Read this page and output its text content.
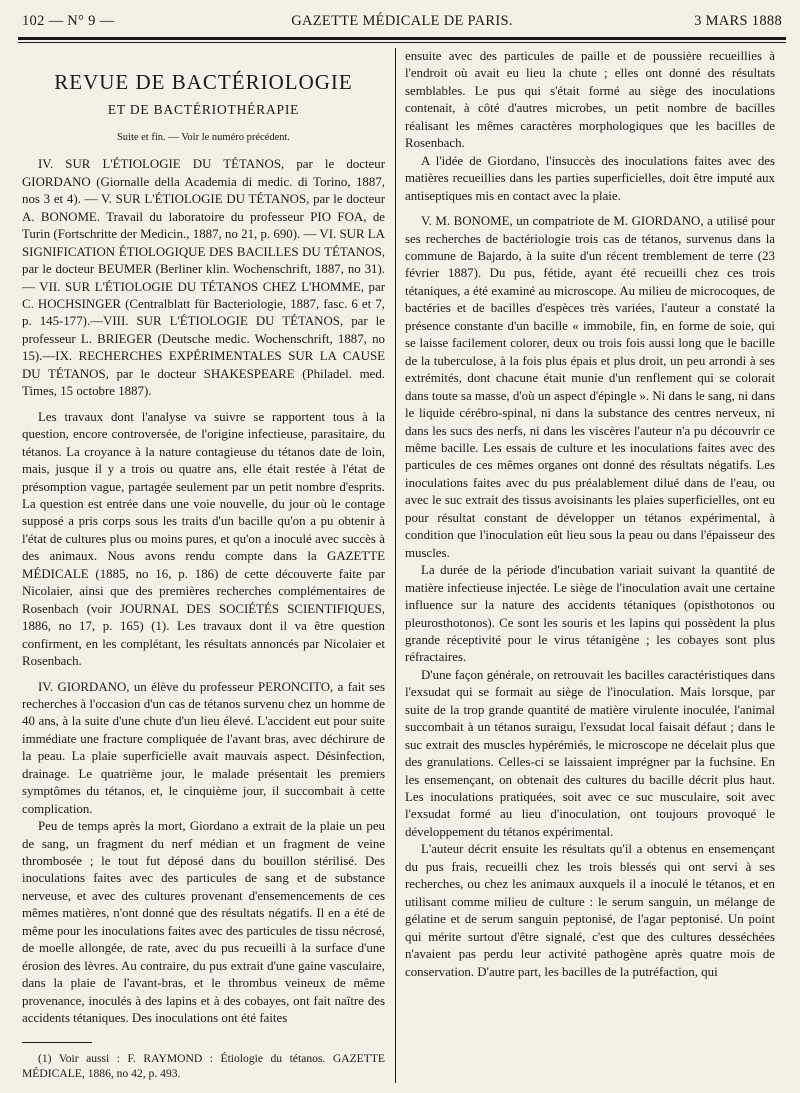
102 — N° 9 —	GAZETTE MÉDICALE DE PARIS.	3 MARS 1888
REVUE DE BACTÉRIOLOGIE
ET DE BACTÉRIOTHÉRAPIE
Suite et fin. — Voir le numéro précédent.

IV. SUR L'ÉTIOLOGIE DU TÉTANOS, par le docteur GIORDANO (Giornalle della Academia di medic. di Torino, 1887, nos 3 et 4). — V. SUR L'ÉTIOLOGIE DU TÉTANOS, par le docteur A. BONOME. Travail du laboratoire du professeur PIO FOA, de Turin (Fortschritte der Medicin., 1887, no 21, p. 690). — VI. SUR LA SIGNIFICATION ÉTIOLOGIQUE DES BACILLES DU TÉTANOS, par le docteur BEUMER (Berliner klin. Wochenschrift, 1887, no 31). — VII. SUR L'ÉTIOLOGIE DU TÉTANOS CHEZ L'HOMME, par C. HOCHSINGER (Centralblatt für Bacteriologie, 1887, fasc. 6 et 7, p. 145-177).—VIII. SUR L'ÉTIOLOGIE DU TÉTANOS, par le professeur L. BRIEGER (Deutsche medic. Wochenschrift, 1887, no 15).—IX. RECHERCHES EXPÉRIMENTALES SUR LA CAUSE DU TÉTANOS, par le docteur SHAKESPEARE (Philadel. med. Times, 15 octobre 1887).

Les travaux dont l'analyse va suivre se rapportent tous à la question, encore controversée, de l'origine infectieuse, parasitaire, du tétanos. La croyance à la nature contagieuse du tétanos date de loin, mais, jusque il y a trois ou quatre ans, elle était restée à l'état de présomption vague, partagée seulement par un petit nombre d'esprits. La question est entrée dans une voie nouvelle, du jour où le contage supposé a pris corps sous les traits d'un bacille qu'on a pu obtenir à l'état de cultures plus ou moins pures, et qu'on a inoculé avec succès à des animaux. Nous avons rendu compte dans la GAZETTE MÉDICALE (1885, no 16, p. 186) de cette découverte faite par Nicolaier, ainsi que des premières recherches complémentaires de Rosenbach (voir JOURNAL DES SOCIÉTÉS SCIENTIFIQUES, 1886, no 17, p. 165) (1). Les travaux dont il va être question confirment, en les complétant, les résultats annoncés par Nicolaier et Rosenbach.

IV. GIORDANO, un élève du professeur PERONCITO, a fait ses recherches à l'occasion d'un cas de tétanos survenu chez un homme de 40 ans, à la suite d'une chute d'un lieu élevé. L'accident eut pour suite immédiate une fracture compliquée de l'avant bras, avec déchirure de la peau. La plaie superficielle avait mauvais aspect. Désinfection, drainage. Le quatrième jour, le malade présentait les premiers symptômes du tétanos, et, le cinquième jour, il succombait à cette complication.

Peu de temps après la mort, Giordano a extrait de la plaie un peu de sang, un fragment du nerf médian et un fragment de veine thrombosée ; le tout fut déposé dans du bouillon stérilisé. Des inoculations faites avec des particules de sang et de substance nerveuse, et avec des cultures provenant d'ensemencements de ces mêmes matières, n'ont donné que des résultats négatifs. Il en a été de même pour les inoculations faites avec des particules de tissu nécrosé, de moelle allongée, de rate, avec du pus recueilli à la surface d'une érosion des lèvres. Au contraire, du pus extrait d'une gaine vasculaire, dans la plaie de l'avant-bras, et le thrombus veineux de même provenance, inoculés à des lapins et à des cobayes, ont fait naître des accidents tétaniques. Des inoculations ont été faites

(1) Voir aussi : F. RAYMOND : Étiologie du tétanos. GAZETTE MÉDICALE, 1886, no 42, p. 493.

ensuite avec des particules de paille et de poussière recueillies à l'endroit où avait eu lieu la chute ; elles ont donné des résultats semblables. Le pus qui s'était formé au siège des inoculations contenait, à côté d'autres microbes, un petit nombre de bacilles réalisant les mêmes caractères morphologiques que les bacilles de Rosenbach.

A l'idée de Giordano, l'insuccès des inoculations faites avec des matières recueillies dans les parties superficielles, doit être imputé aux antiseptiques mis en contact avec la plaie.

V. M. BONOME, un compatriote de M. GIORDANO, a utilisé pour ses recherches de bactériologie trois cas de tétanos, survenus dans la commune de Bajardo, à la suite d'un récent tremblement de terre (23 février 1887). Du pus, fétide, ayant été recueilli chez ces trois tétaniques, a été examiné au microscope. Au milieu de microcoques, de bactéries et de bacilles d'espèces très variées, l'auteur a constaté la présence constante d'un bacille « immobile, fin, en forme de soie, qui se laisse facilement colorer, deux ou trois fois aussi long que le bacille de la tuberculose, à la fois plus épais et plus droit, un peu arrondi à ses extrémités, dont chacune était munie d'un renflement qui se colorait dans toute sa masse, d'où un aspect d'épingle ». Ni dans le sang, ni dans le liquide cérébro-spinal, ni dans la substance des centres nerveux, ni dans les sucs des nerfs, ni dans les viscères l'auteur n'a pu découvrir ce même bacille. Les essais de culture et les inoculations faites avec des particules de ces mêmes organes ont donné des résultats négatifs. Les inoculations faites avec du pus préalablement dilué dans de l'eau, ou avec le suc extrait des tissus avoisinants les plaies superficielles, ont eu pour résultat constant de développer un tétanos expérimental, à condition que l'inoculation eût lieu sous la peau ou dans l'épaisseur des muscles.

La durée de la période d'incubation variait suivant la quantité de matière infectieuse injectée. Le siège de l'inoculation avait une certaine influence sur la nature des accidents tétaniques (opisthotonos ou pleurosthotonos). Ce sont les souris et les lapins qui possèdent la plus grande réceptivité pour le virus tétanigène ; les cobayes sont plus réfractaires.

D'une façon générale, on retrouvait les bacilles caractéristiques dans l'exsudat qui se formait au siège de l'inoculation. Mais lorsque, par suite de la trop grande quantité de matière virulente inoculée, l'animal succombait à un tétanos suraigu, l'exsudat local faisait défaut ; dans le suc extrait des muscles hypérémiés, le microscope ne décelait plus que des granulations. Celles-ci se laissaient imprégner par la fuchsine. En les ensemençant, on obtenait des cultures du bacille décrit plus haut. Les inoculations pratiquées, soit avec ce suc musculaire, soit avec l'exsudat formé au lieu d'inoculation, ont toujours provoqué le développement du tétanos expérimental.

L'auteur décrit ensuite les résultats qu'il a obtenus en ensemençant du pus frais, recueilli chez les trois blessés qui ont servi à ses recherches, ou chez les animaux auxquels il a inoculé le tétanos, et en utilisant comme milieu de culture : le serum sanguin, un mélange de gélatine et de serum sanguin peptonisé, de l'agar peptonisé. Un point qui mérite surtout d'être signalé, c'est que des cultures desséchées n'avaient pas perdu leur activité pathogène après quatre mois de conservation. D'autre part, les bacilles de la putréfaction, qui
